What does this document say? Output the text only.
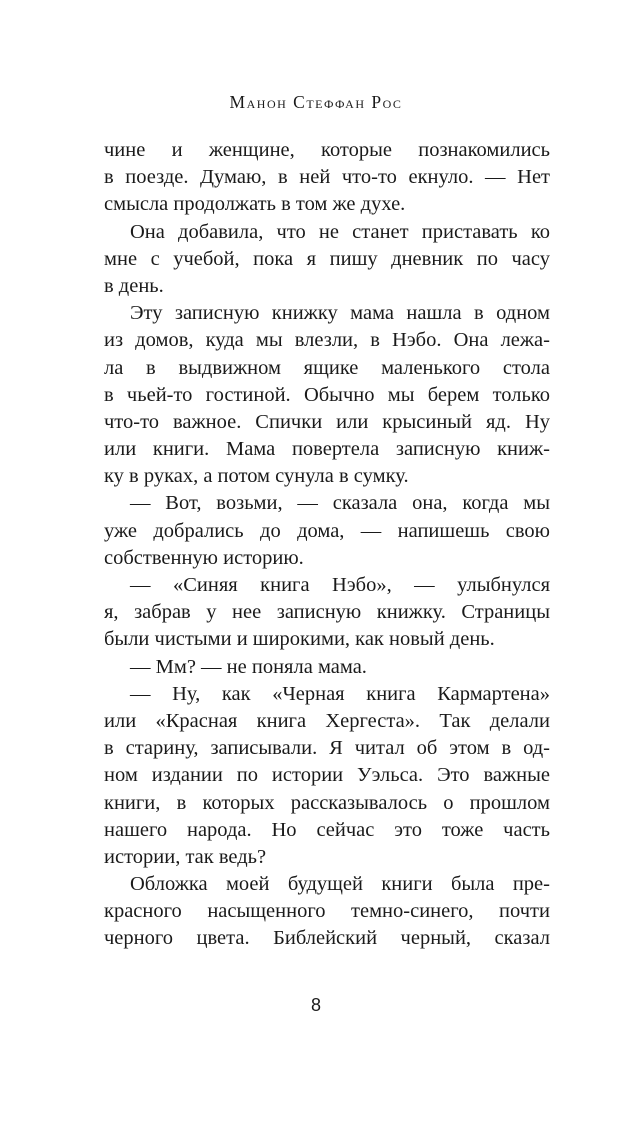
Манон Стеффан Рос
чине и женщине, которые познакомились
в поезде. Думаю, в ней что-то екнуло. — Нет
смысла продолжать в том же духе.
Она добавила, что не станет приставать ко
мне с учебой, пока я пишу дневник по часу
в день.
Эту записную книжку мама нашла в одном
из домов, куда мы влезли, в Нэбо. Она лежа-
ла в выдвижном ящике маленького стола
в чьей-то гостиной. Обычно мы берем только
что-то важное. Спички или крысиный яд. Ну
или книги. Мама повертела записную книж-
ку в руках, а потом сунула в сумку.
— Вот, возьми, — сказала она, когда мы
уже добрались до дома, — напишешь свою
собственную историю.
— «Синяя книга Нэбо», — улыбнулся
я, забрав у нее записную книжку. Страницы
были чистыми и широкими, как новый день.
— Мм? — не поняла мама.
— Ну, как «Черная книга Кармартена»
или «Красная книга Хергеста». Так делали
в старину, записывали. Я читал об этом в од-
ном издании по истории Уэльса. Это важные
книги, в которых рассказывалось о прошлом
нашего народа. Но сейчас это тоже часть
истории, так ведь?
Обложка моей будущей книги была пре-
красного насыщенного темно-синего, почти
черного цвета. Библейский черный, сказал
8
